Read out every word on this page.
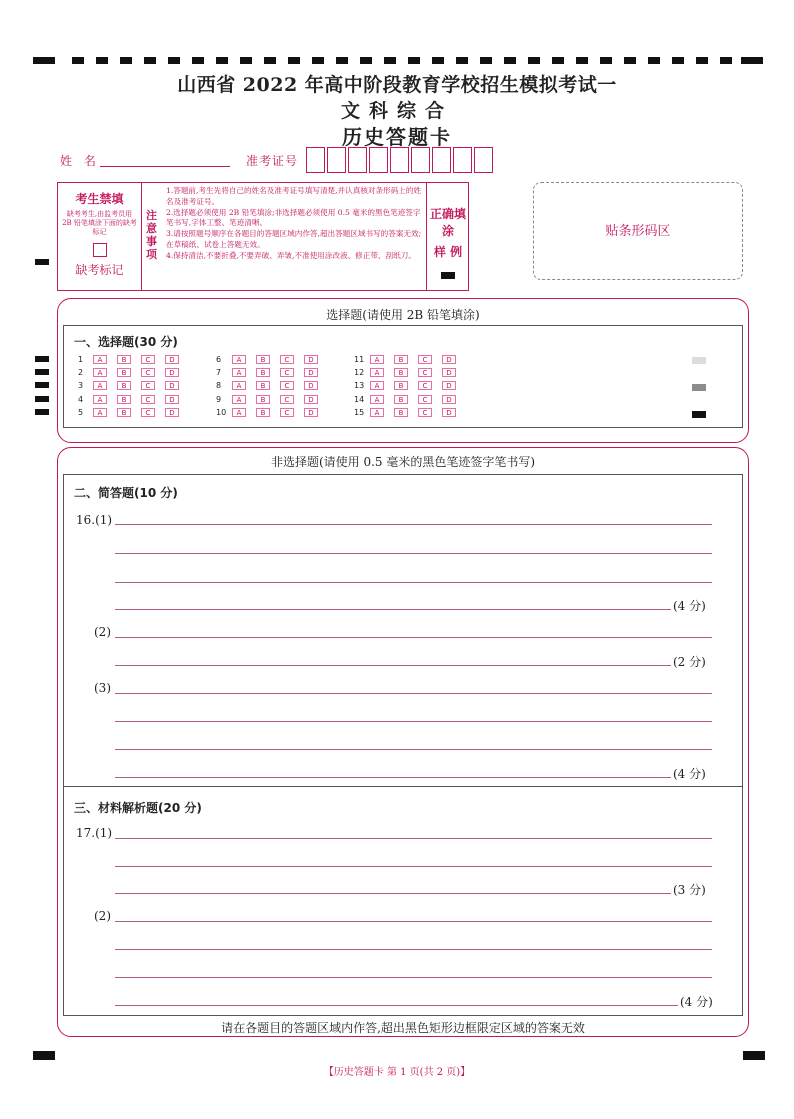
山西省 2022 年高中阶段教育学校招生模拟考试一
文科综合
历史答题卡
姓 名	准考证号
考生禁填
缺考考生,由监考员用 2B 铅笔填涂下面的缺考标记
缺考标记
注意事项
1.答题前,考生先将自己的姓名及准考证号填写清楚,并认真核对条形码上的姓名及准考证号。
2.选择题必须使用 2B 铅笔填涂;非选择题必须使用 0.5 毫米的黑色笔迹签字笔书写,字体工整、笔迹清晰。
3.请按照题号顺序在各题目的答题区域内作答,超出答题区域书写的答案无效;在草稿纸、试卷上答题无效。
4.保持清洁,不要折叠,不要弄破、弄皱,不准使用涂改液、修正带、刮纸刀。
正确填涂
样 例
贴条形码区
选择题(请使用 2B 铅笔填涂)
一、选择题(30 分)
1	A	B	C	D
2	A	B	C	D
3	A	B	C	D
4	A	B	C	D
5	A	B	C	D
6	A	B	C	D
7	A	B	C	D
8	A	B	C	D
9	A	B	C	D
10	A	B	C	D
11	A	B	C	D
12	A	B	C	D
13	A	B	C	D
14	A	B	C	D
15	A	B	C	D
非选择题(请使用 0.5 毫米的黑色笔迹签字笔书写)
二、简答题(10 分)
16.(1)
(4 分)
(2)
(2 分)
(3)
(4 分)
三、材料解析题(20 分)
17.(1)
(3 分)
(2)
(4 分)
请在各题目的答题区域内作答,超出黑色矩形边框限定区域的答案无效
【历史答题卡 第 1 页(共 2 页)】
